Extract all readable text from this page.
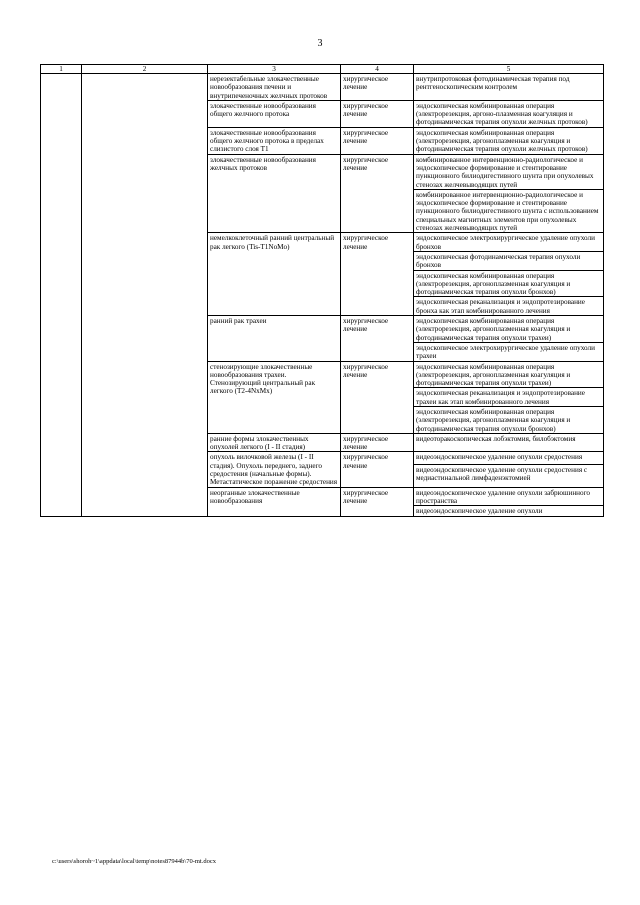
3
1	2	3	4	5
		нерезектабельные злокачественные новообразования печени и внутрипеченочных желчных протоков	хирургическое лечение	внутрипротоковая фотодинамическая терапия под рентгеноскопическим контролем
		злокачественные новообразования общего желчного протока	хирургическое лечение	эндоскопическая комбинированная операция (электрорезекция, аргоно-плазменная коагуляция и фотодинамическая терапия опухоли желчных протоков)
		злокачественные новообразования общего желчного протока в пределах слизистого слоя Т1	хирургическое лечение	эндоскопическая комбинированная операция (электрорезекция, аргоноплазменная коагуляция и фотодинамическая терапия опухоли желчных протоков)
		злокачественные новообразования желчных протоков	хирургическое лечение	комбинированное интервенционно-радиологическое и эндоскопическое формирование и стентирование пункционного билиодигестивного шунта при опухолевых стенозах желчевыводящих путей
				комбинированное интервенционно-радиологическое и эндоскопическое формирование и стентирование пункционного билиодигестивного шунта с использованием специальных магнитных элементов при опухолевых стенозах желчевыводящих путей
		немелкоклеточный ранний центральный рак легкого (Tis-T1NoMo)	хирургическое лечение	эндоскопическое электрохирургическое удаление опухоли бронхов
				эндоскопическая фотодинамическая терапия опухоли бронхов
				эндоскопическая комбинированная операция (электрорезекция, аргоноплазменная коагуляция и фотодинамическая терапия опухоли бронхов)
				эндоскопическая реканализация и эндопротезирование бронха как этап комбинированного лечения
		ранний рак трахеи	хирургическое лечение	эндоскопическая комбинированная операция (электрорезекция, аргоноплазменная коагуляция и фотодинамическая терапия опухоли трахеи)
				эндоскопическое электрохирургическое удаление опухоли трахеи
		стенозирующие злокачественные новообразования трахеи. Стенозирующий центральный рак легкого (T2-4NxMx)	хирургическое лечение	эндоскопическая комбинированная операция (электрорезекция, аргоноплазменная коагуляция и фотодинамическая терапия опухоли трахеи)
				эндоскопическая реканализация и эндопротезирование трахеи как этап комбинированного лечения
				эндоскопическая комбинированная операция (электрорезекция, аргоноплазменная коагуляция и фотодинамическая терапия опухоли бронхов)
		ранние формы злокачественных опухолей легкого (I - II стадия)	хирургическое лечение	видеоторакоскопическая лобэктомия, билобэктомия
		опухоль вилочковой железы (I - II стадия). Опухоль переднего, заднего средостения (начальные формы). Метастатическое поражение средостения	хирургическое лечение	видеоэндоскопическое удаление опухоли средостения
				видеоэндоскопическое удаление опухоли средостения с медиастинальной лимфаденэктомией
		неорганные злокачественные новообразования	хирургическое лечение	видеоэндоскопическое удаление опухоли забрюшинного пространства
				видеоэндоскопическое удаление опухоли
c:\users\shoroh~1\appdata\local\temp\notes87944b\70-mt.docx
